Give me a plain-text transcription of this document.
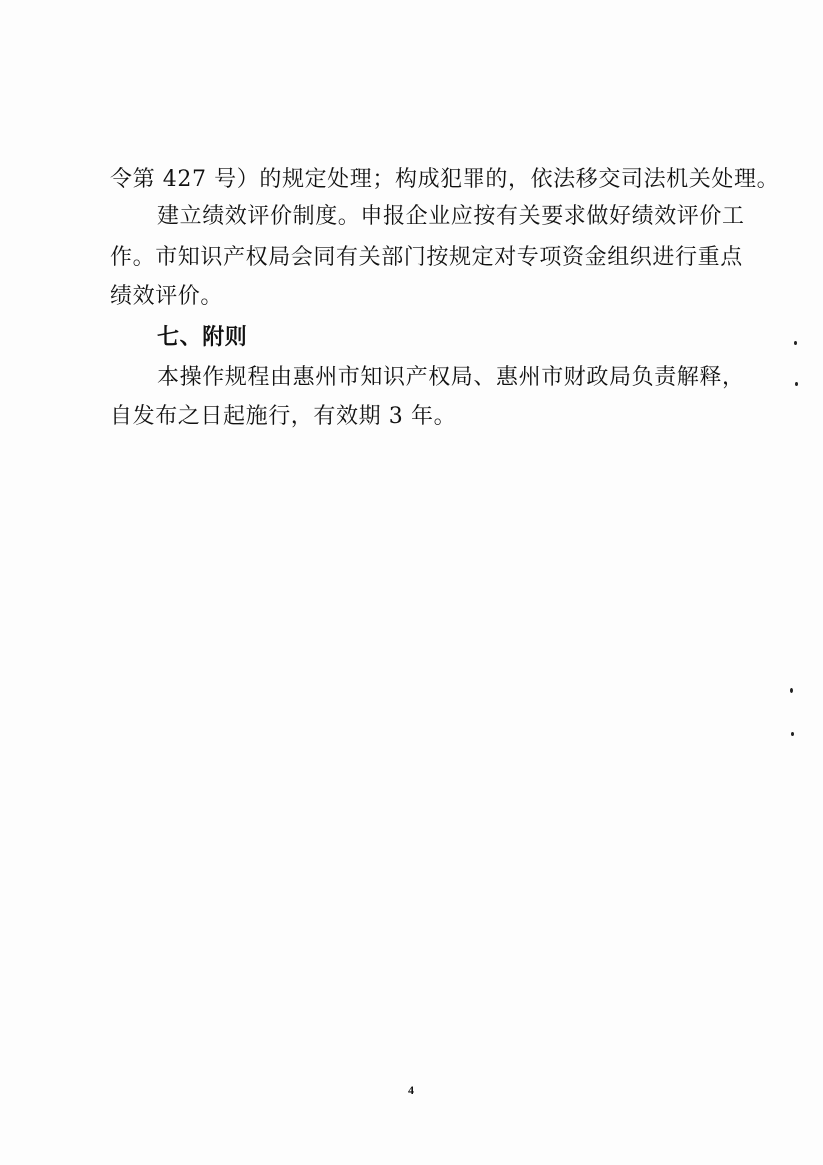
令第 427 号）的规定处理；构成犯罪的，依法移交司法机关处理。
建立绩效评价制度。申报企业应按有关要求做好绩效评价工
作。市知识产权局会同有关部门按规定对专项资金组织进行重点
绩效评价。
七、附则
本操作规程由惠州市知识产权局、惠州市财政局负责解释，
自发布之日起施行，有效期 3 年。
4
